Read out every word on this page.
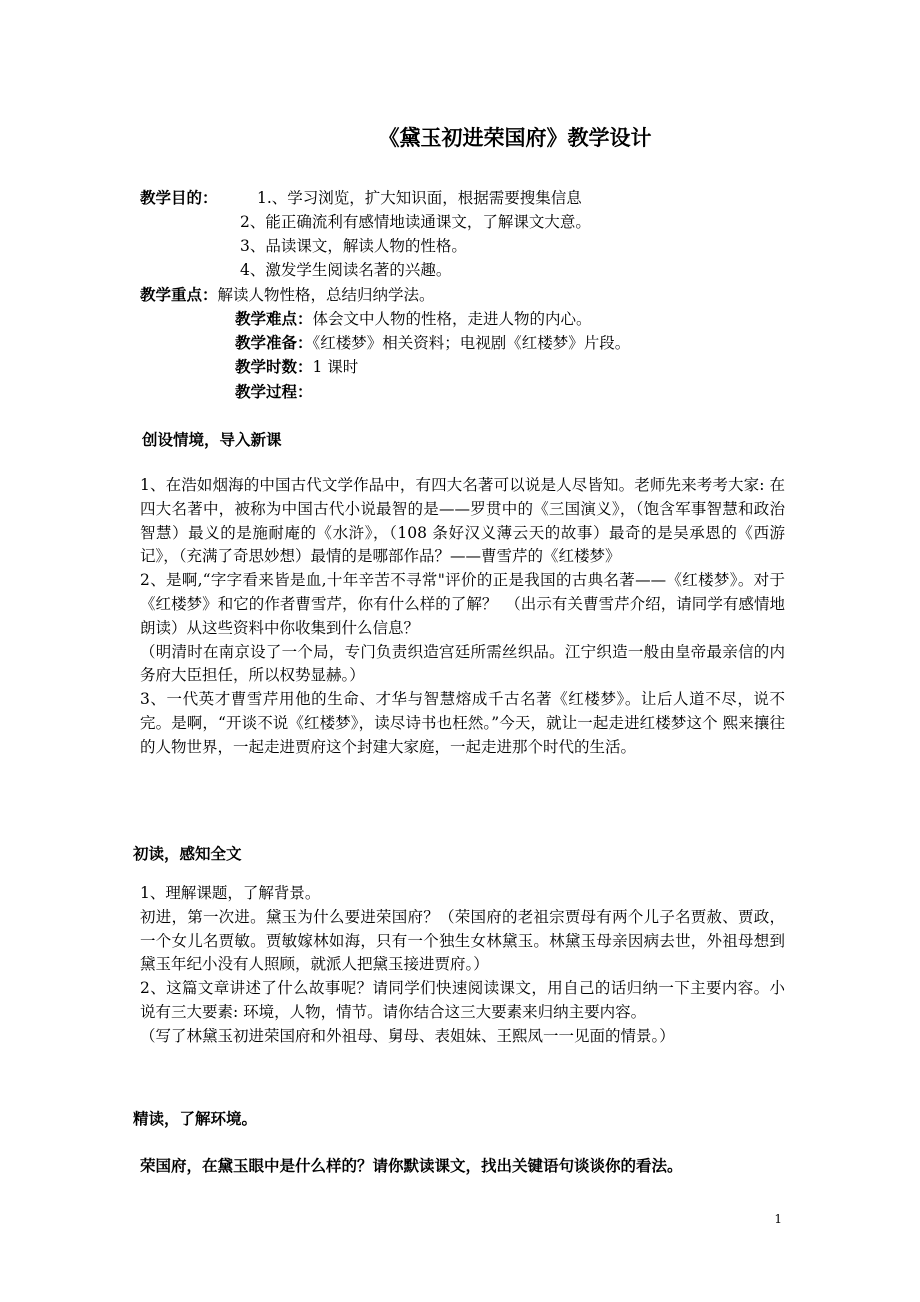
《黛玉初进荣国府》教学设计
教学目的：	1.、学习浏览，扩大知识面，根据需要搜集信息
2、能正确流利有感情地读通课文，了解课文大意。
3、品读课文，解读人物的性格。
4、激发学生阅读名著的兴趣。
教学重点：解读人物性格，总结归纳学法。
教学难点：体会文中人物的性格，走进人物的内心。
教学准备：《红楼梦》相关资料；电视剧《红楼梦》片段。
教学时数：1 课时
教学过程：
创设情境，导入新课

1、在浩如烟海的中国古代文学作品中，有四大名著可以说是人尽皆知。老师先来考考大家: 在四大名著中，被称为中国古代小说最智的是——罗贯中的《三国演义》，（饱含军事智慧和政治智慧）最义的是施耐庵的《水浒》，（108 条好汉义薄云天的故事）最奇的是吴承恩的《西游记》，（充满了奇思妙想）最情的是哪部作品？——曹雪芹的《红楼梦》

2、是啊,“字字看来皆是血,十年辛苦不寻常"评价的正是我国的古典名著——《红楼梦》。对于《红楼梦》和它的作者曹雪芹，你有什么样的了解？　（出示有关曹雪芹介绍，请同学有感情地朗读）从这些资料中你收集到什么信息？

（明清时在南京设了一个局，专门负责织造宫廷所需丝织品。江宁织造一般由皇帝最亲信的内务府大臣担任，所以权势显赫。）

3、一代英才曹雪芹用他的生命、才华与智慧熔成千古名著《红楼梦》。让后人道不尽，说不完。是啊，“开谈不说《红楼梦》，读尽诗书也枉然。”今天，就让一起走进红楼梦这个 熙来攘往的人物世界，一起走进贾府这个封建大家庭，一起走进那个时代的生活。

初读，感知全文

1、理解课题，了解背景。

初进，第一次进。黛玉为什么要进荣国府？（荣国府的老祖宗贾母有两个儿子名贾赦、贾政，一个女儿名贾敏。贾敏嫁林如海，只有一个独生女林黛玉。林黛玉母亲因病去世，外祖母想到黛玉年纪小没有人照顾，就派人把黛玉接进贾府。）

2、这篇文章讲述了什么故事呢？请同学们快速阅读课文，用自己的话归纳一下主要内容。小说有三大要素: 环境，人物，情节。请你结合这三大要素来归纳主要内容。

（写了林黛玉初进荣国府和外祖母、舅母、表姐妹、王熙凤一一见面的情景。）

精读，了解环境。
荣国府，在黛玉眼中是什么样的？请你默读课文，找出关键语句谈谈你的看法。
1
